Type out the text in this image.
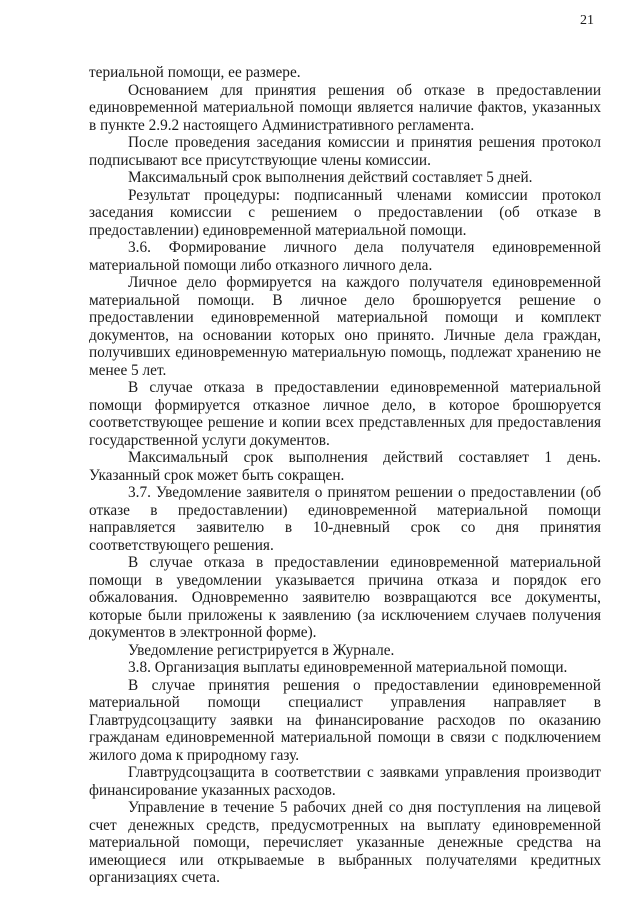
21

териальной помощи, ее размере.

Основанием для принятия решения об отказе в предоставлении единовременной материальной помощи является наличие фактов, указанных в пункте 2.9.2 настоящего Административного регламента.

После проведения заседания комиссии и принятия решения протокол подписывают все присутствующие члены комиссии.

Максимальный срок выполнения действий составляет 5 дней.

Результат процедуры: подписанный членами комиссии протокол заседания комиссии с решением о предоставлении (об отказе в предоставлении) единовременной материальной помощи.

3.6. Формирование личного дела получателя единовременной материальной помощи либо отказного личного дела.

Личное дело формируется на каждого получателя единовременной материальной помощи. В личное дело брошюруется решение о предоставлении единовременной материальной помощи и комплект документов, на основании которых оно принято. Личные дела граждан, получивших единовременную материальную помощь, подлежат хранению не менее 5 лет.

В случае отказа в предоставлении единовременной материальной помощи формируется отказное личное дело, в которое брошюруется соответствующее решение и копии всех представленных для предоставления государственной услуги документов.

Максимальный срок выполнения действий составляет 1 день. Указанный срок может быть сокращен.

3.7. Уведомление заявителя о принятом решении о предоставлении (об отказе в предоставлении) единовременной материальной помощи направляется заявителю в 10-дневный срок со дня принятия соответствующего решения.

В случае отказа в предоставлении единовременной материальной помощи в уведомлении указывается причина отказа и порядок его обжалования. Одновременно заявителю возвращаются все документы, которые были приложены к заявлению (за исключением случаев получения документов в электронной форме).

Уведомление регистрируется в Журнале.

3.8. Организация выплаты единовременной материальной помощи.

В случае принятия решения о предоставлении единовременной материальной помощи специалист управления направляет в Главтрудсоцзащиту заявки на финансирование расходов по оказанию гражданам единовременной материальной помощи в связи с подключением жилого дома к природному газу.

Главтрудсоцзащита в соответствии с заявками управления производит финансирование указанных расходов.

Управление в течение 5 рабочих дней со дня поступления на лицевой счет денежных средств, предусмотренных на выплату единовременной материальной помощи, перечисляет указанные денежные средства на имеющиеся или открываемые в выбранных получателями кредитных организациях счета.
